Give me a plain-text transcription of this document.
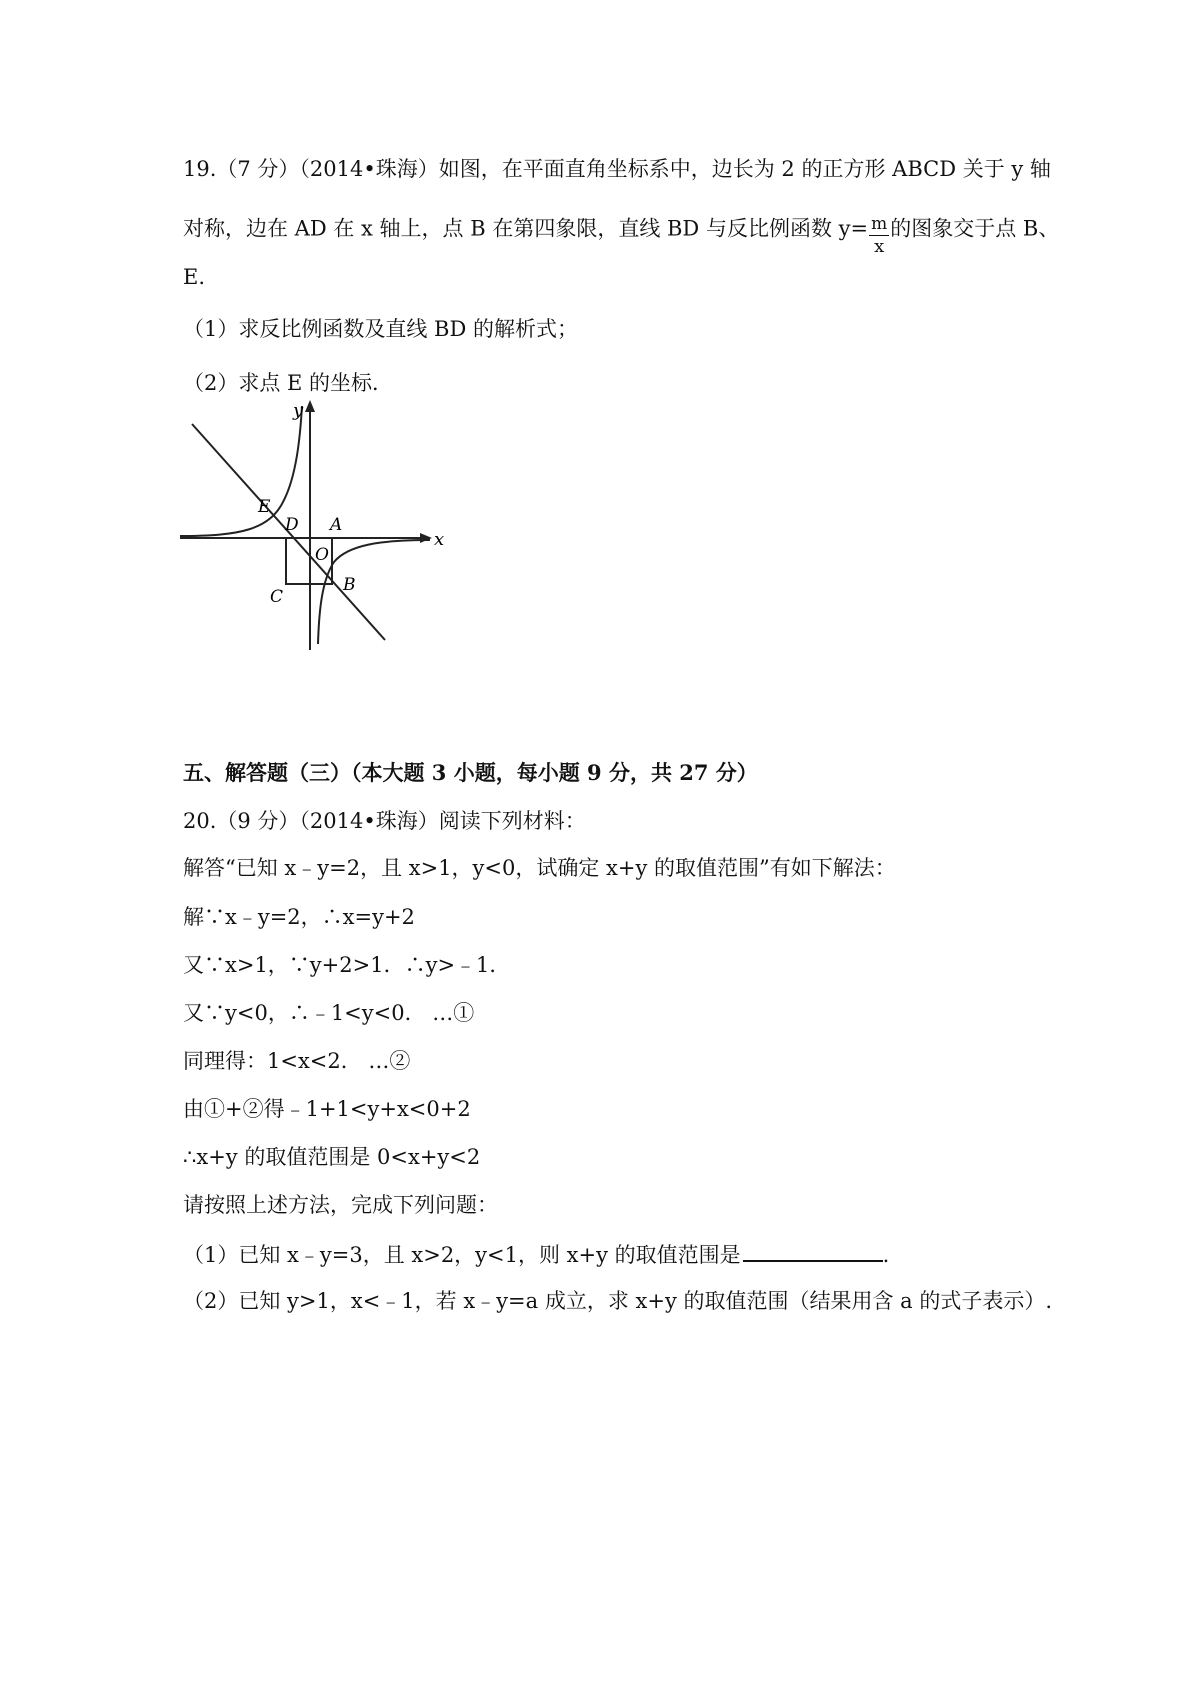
19.（7 分）（2014•珠海）如图，在平面直角坐标系中，边长为 2 的正方形 ABCD 关于 y 轴
对称，边在 AD 在 x 轴上，点 B 在第四象限，直线 BD 与反比例函数 $y= \frac{m}{x}$ 的图象交于点 B、
E.
（1）求反比例函数及直线 BD 的解析式；
（2）求点 E 的坐标．
y
x
E
D A
O
C
B
五、解答题（三）（本大题 3 小题，每小题 9 分，共 27 分）
20.（9 分）（2014•珠海）阅读下列材料：
解答“已知 x﹣y=2，且 x>1，y<0，试确定 x+y 的取值范围”有如下解法：
解∵x﹣y=2，∴x=y+2
又∵x>1，∵y+2>1．∴y>﹣1．
又∵y<0，∴﹣1<y<0． …①
同理得：1<x<2． …②
由①+②得﹣1+1<y+x<0+2
∴x+y 的取值范围是 0<x+y<2
请按照上述方法，完成下列问题：
（1）已知 x﹣y=3，且 x>2，y<1，则 x+y 的取值范围是	.
（2）已知 y>1，x<﹣1，若 x﹣y=a 成立，求 x+y 的取值范围（结果用含 a 的式子表示）.
